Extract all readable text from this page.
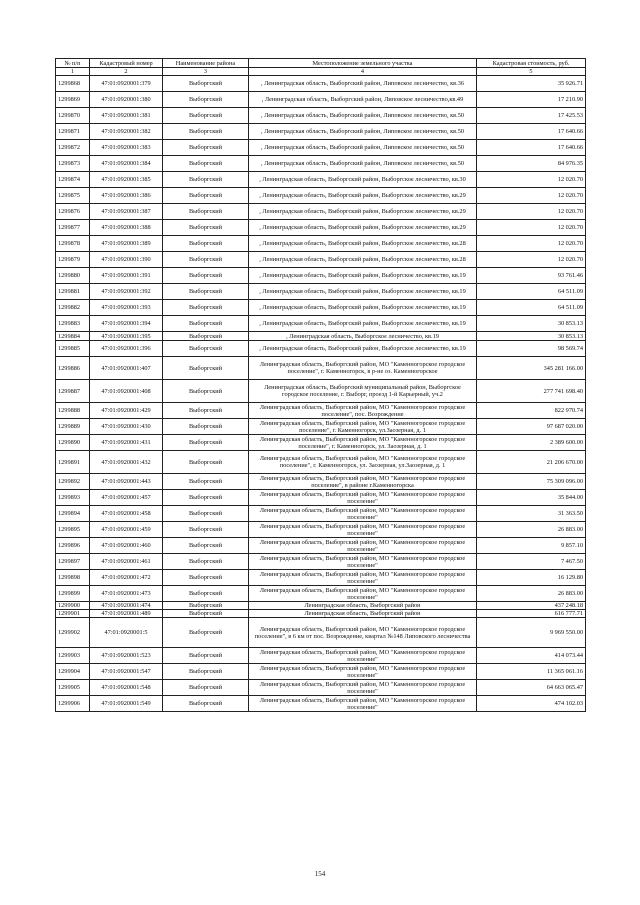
№ п/п	Кадастровый номер	Наименование района	Местоположение земельного участка	Кадастровая стоимость, руб.
1	2	3	4	5
1299868	47:01:0920001:379	Выборгский	, Ленинградская область, Выборгский район, Липовское лесничество, кв.36	35 926.71
1299869	47:01:0920001:380	Выборгский	, Ленинградская область, Выборгский район, Липовское лесничество,кв.49	17 210.90
1299870	47:01:0920001:381	Выборгский	, Ленинградская область, Выборгский район, Липовское лесничество, кв.50	17 425.53
1299871	47:01:0920001:382	Выборгский	, Ленинградская область, Выборгский район, Липовское лесничество, кв.50	17 640.66
1299872	47:01:0920001:383	Выборгский	, Ленинградская область, Выборгский район, Липовское лесничество, кв.50	17 640.66
1299873	47:01:0920001:384	Выборгский	, Ленинградская область, Выборгский район, Липовское лесничество, кв.50	84 976.35
1299874	47:01:0920001:385	Выборгский	, Ленинградская область, Выборгский район, Выборгское лесничество, кв.30	12 020.70
1299875	47:01:0920001:386	Выборгский	, Ленинградская область, Выборгский район, Выборгское лесничество, кв.29	12 020.70
1299876	47:01:0920001:387	Выборгский	, Ленинградская область, Выборгский район, Выборгское лесничество, кв.29	12 020.70
1299877	47:01:0920001:388	Выборгский	, Ленинградская область, Выборгский район, Выборгское лесничество, кв.29	12 020.70
1299878	47:01:0920001:389	Выборгский	, Ленинградская область, Выборгский район, Выборгское лесничество, кв.28	12 020.70
1299879	47:01:0920001:390	Выборгский	, Ленинградская область, Выборгский район, Выборгское лесничество, кв.28	12 020.70
1299880	47:01:0920001:391	Выборгский	, Ленинградская область, Выборгский район, Выборгское лесничество, кв.19	93 761.46
1299881	47:01:0920001:392	Выборгский	, Ленинградская область, Выборгский район, Выборгское лесничество, кв.19	64 511.09
1299882	47:01:0920001:393	Выборгский	, Ленинградская область, Выборгский район, Выборгское лесничество, кв.19	64 511.09
1299883	47:01:0920001:394	Выборгский	, Ленинградская область, Выборгский район, Выборгское лесничество, кв.19	30 853.13
1299884	47:01:0920001:395	Выборгский	, Ленинградская область, Выборгское лесничество, кв.19	30 853.13
1299885	47:01:0920001:396	Выборгский	, Ленинградская область, Выборгский район, Выборгское лесничество, кв.19	98 569.74
1299886	47:01:0920001:407	Выборгский	Ленинградская область, Выборгский район, МО "Каменногорское городское поселение", г. Каменногорск, в р-не оз. Каменногорское	345 281 166.00
1299887	47:01:0920001:408	Выборгский	Ленинградская область, Выборгский муниципальный район, Выборгское городское поселение, г. Выборг, проезд 1-й Карьерный, уч.2	277 741 698.40
1299888	47:01:0920001:429	Выборгский	Ленинградская область, Выборгский район, МО "Каменногорское городское поселение", пос. Возрождение	822 970.74
1299889	47:01:0920001:430	Выборгский	Ленинградская область, Выборгский район, МО "Каменногорское городское поселение", г. Каменногорск, ул.Заозерная, д. 1	97 687 020.00
1299890	47:01:0920001:431	Выборгский	Ленинградская область, Выборгский район, МО "Каменногорское городское поселение", г. Каменногорск, ул. Заозерная, д. 1	2 389 600.00
1299891	47:01:0920001:432	Выборгский	Ленинградская область, Выборгский район, МО "Каменногорское городское поселение", г. Каменногорск, ул. Заозерная, ул.Заозерная, д. 1	21 206 670.00
1299892	47:01:0920001:443	Выборгский	Ленинградская область, Выборгский район, МО "Каменногорское городское поселение", в районе г.Каменногорска	75 309 096.00
1299893	47:01:0920001:457	Выборгский	Ленинградская область, Выборгский район, МО "Каменногорское городское поселение"	35 844.00
1299894	47:01:0920001:458	Выборгский	Ленинградская область, Выборгский район, МО "Каменногорское городское поселение"	31 363.50
1299895	47:01:0920001:459	Выборгский	Ленинградская область, Выборгский район, МО "Каменногорское городское поселение"	26 883.00
1299896	47:01:0920001:460	Выборгский	Ленинградская область, Выборгский район, МО "Каменногорское городское поселение"	9 857.10
1299897	47:01:0920001:461	Выборгский	Ленинградская область, Выборгский район, МО "Каменногорское городское поселение"	7 467.50
1299898	47:01:0920001:472	Выборгский	Ленинградская область, Выборгский район, МО "Каменногорское городское поселение"	16 129.80
1299899	47:01:0920001:473	Выборгский	Ленинградская область, Выборгский район, МО "Каменногорское городское поселение"	26 883.00
1299900	47:01:0920001:474	Выборгский	Ленинградская область, Выборгский район	437 248.18
1299901	47:01:0920001:489	Выборгский	Ленинградская область, Выборгский район	616 777.71
1299902	47:01:0920001:5	Выборгский	Ленинградская область, Выборгский район, МО "Каменногорское городское поселение", в 6 км от пос. Возрождение, квартал №148 Липовского лесничества	9 969 550.00
1299903	47:01:0920001:523	Выборгский	Ленинградская область, Выборгский район, МО "Каменногорское городское поселение"	414 073.44
1299904	47:01:0920001:547	Выборгский	Ленинградская область, Выборгский район, МО "Каменногорское городское поселение"	11 365 061.16
1299905	47:01:0920001:548	Выборгский	Ленинградская область, Выборгский район, МО "Каменногорское городское поселение"	64 663 065.47
1299906	47:01:0920001:549	Выборгский	Ленинградская область, Выборгский район, МО "Каменногорское городское поселение"	474 102.03
154
